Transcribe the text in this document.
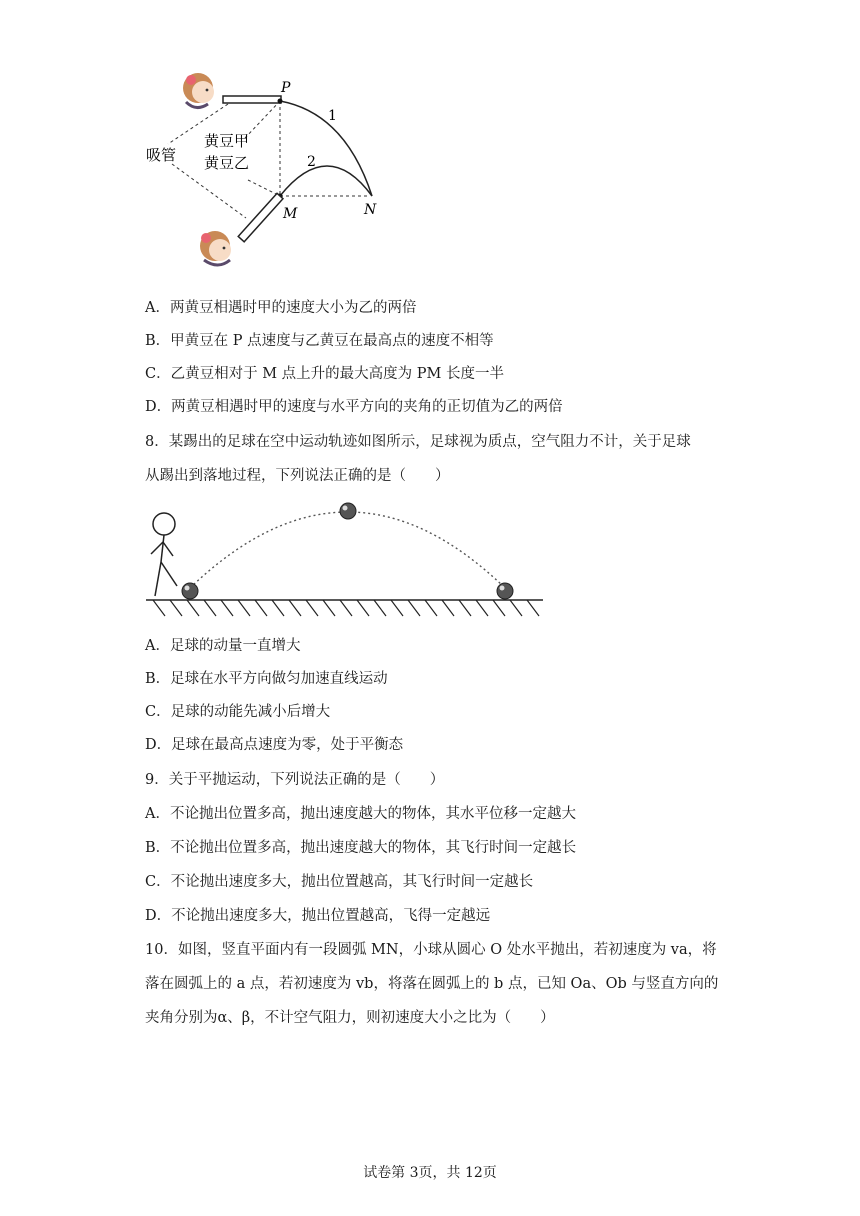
吸管
黄豆甲
黄豆乙
P
M	N
1
2
A．两黄豆相遇时甲的速度大小为乙的两倍
B．甲黄豆在 P 点速度与乙黄豆在最高点的速度不相等
C．乙黄豆相对于 M 点上升的最大高度为 PM 长度一半
D．两黄豆相遇时甲的速度与水平方向的夹角的正切值为乙的两倍
8．某踢出的足球在空中运动轨迹如图所示，足球视为质点，空气阻力不计，关于足球
从踢出到落地过程，下列说法正确的是（　　）
A．足球的动量一直增大
B．足球在水平方向做匀加速直线运动
C．足球的动能先减小后增大
D．足球在最高点速度为零，处于平衡态
9．关于平抛运动，下列说法正确的是（　　）
A．不论抛出位置多高，抛出速度越大的物体，其水平位移一定越大
B．不论抛出位置多高，抛出速度越大的物体，其飞行时间一定越长
C．不论抛出速度多大，抛出位置越高，其飞行时间一定越长
D．不论抛出速度多大，抛出位置越高，飞得一定越远
10．如图，竖直平面内有一段圆弧 MN，小球从圆心 O 处水平抛出，若初速度为 va，将
落在圆弧上的 a 点，若初速度为 vb，将落在圆弧上的 b 点，已知 Oa、Ob 与竖直方向的
夹角分别为α、β，不计空气阻力，则初速度大小之比为（　　）
试卷第 3页，共 12页
